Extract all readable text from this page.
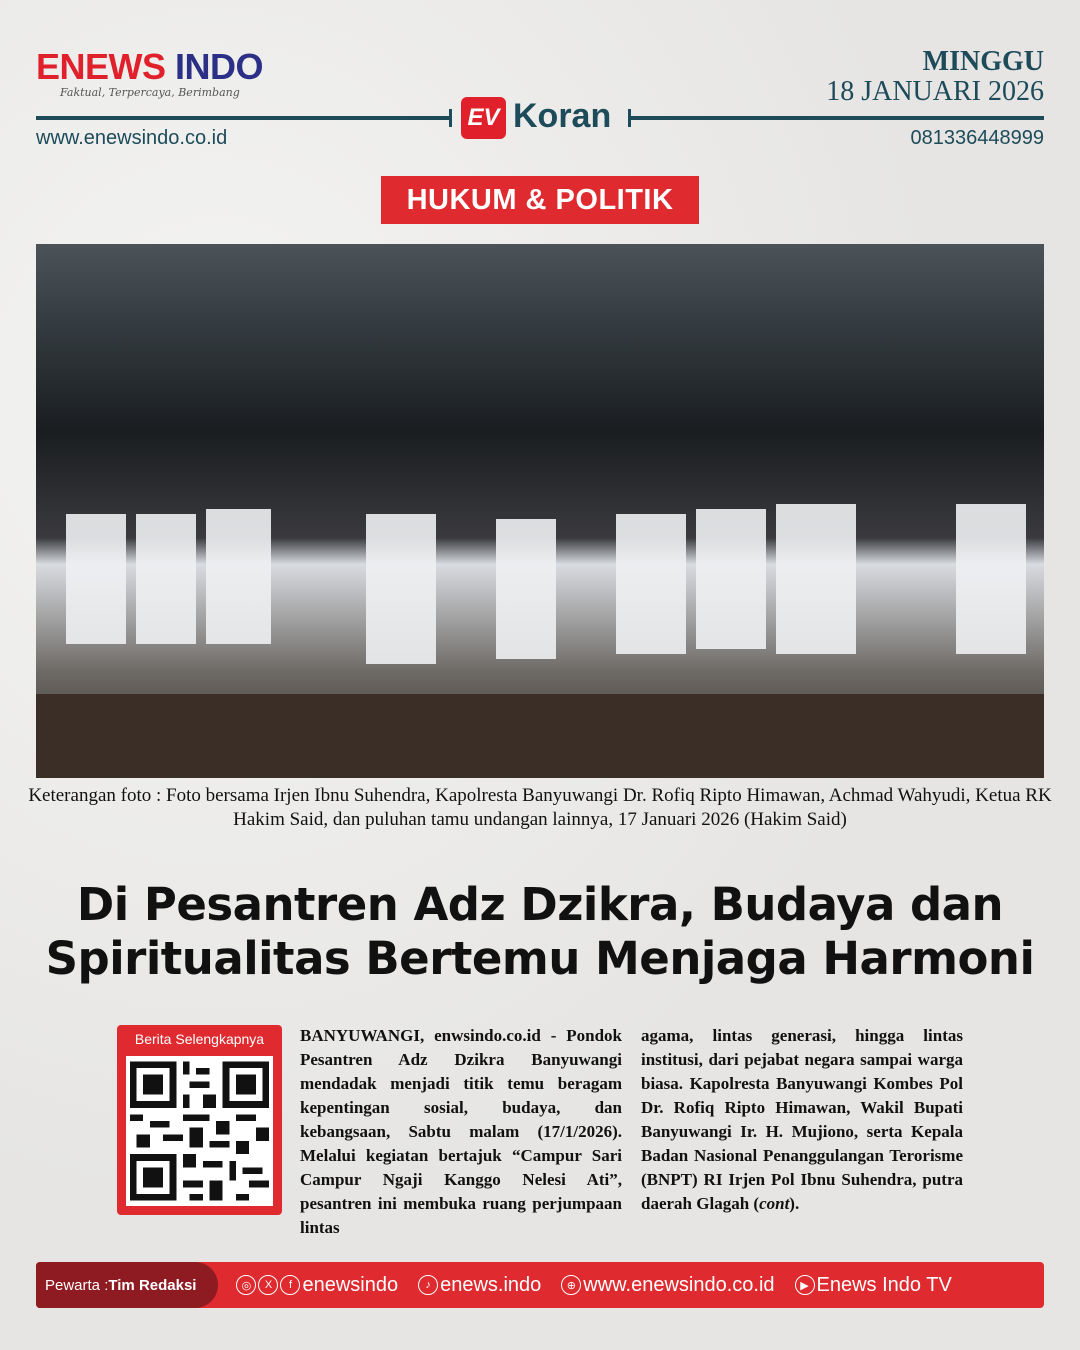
ENEWS INDO
Faktual, Terpercaya, Berimbang
MINGGU
18 JANUARI 2026
EV Koran
www.enewsindo.co.id	081336448999
HUKUM & POLITIK
Keterangan foto : Foto bersama Irjen Ibnu Suhendra, Kapolresta Banyuwangi Dr. Rofiq Ripto Himawan, Achmad Wahyudi, Ketua RK Hakim Said, dan puluhan tamu undangan lainnya, 17 Januari 2026 (Hakim Said)
Di Pesantren Adz Dzikra, Budaya dan Spiritualitas Bertemu Menjaga Harmoni
Berita Selengkapnya	BANYUWANGI, enwsindo.co.id - Pondok Pesantren Adz Dzikra Banyuwangi mendadak menjadi titik temu beragam kepentingan sosial, budaya, dan kebangsaan, Sabtu malam (17/1/2026). Melalui kegiatan bertajuk “Campur Sari Campur Ngaji Kanggo Nelesi Ati”, pesantren ini membuka ruang perjumpaan lintas
agama, lintas generasi, hingga lintas institusi, dari pejabat negara sampai warga biasa. Kapolresta Banyuwangi Kombes Pol Dr. Rofiq Ripto Himawan, Wakil Bupati Banyuwangi Ir. H. Mujiono, serta Kepala Badan Nasional Penanggulangan Terorisme (BNPT) RI Irjen Pol Ibnu Suhendra, putra daerah Glagah (cont).
Pewarta : Tim Redaksi	◎	X	f enewsindo	♪ enews.indo	⊕ www.enewsindo.co.id	▶ Enews Indo TV
